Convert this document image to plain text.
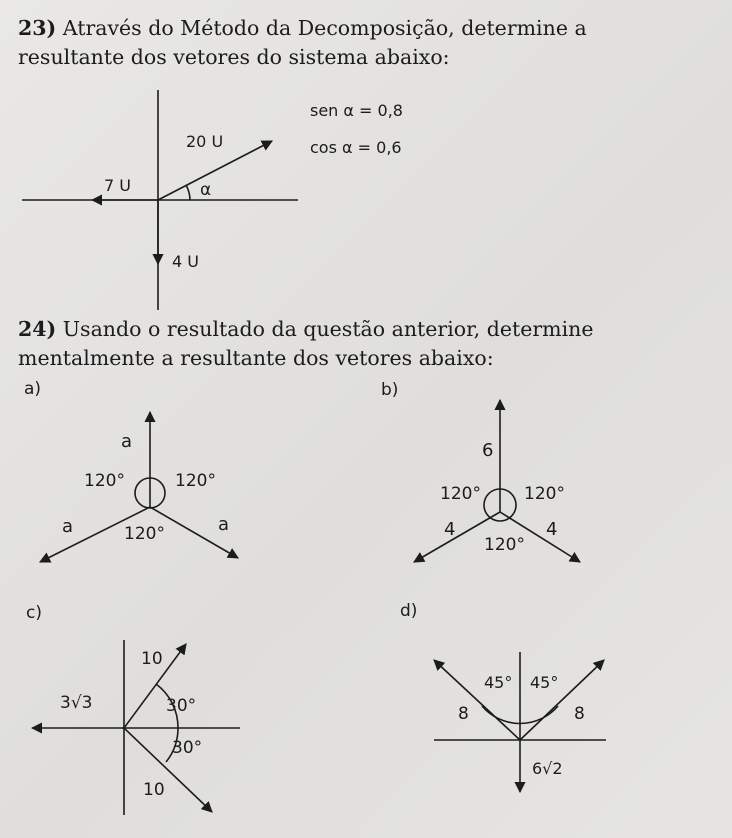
23) Através do Método da Decomposição, determine a
resultante dos vetores do sistema abaixo:
24) Usando o resultado da questão anterior, determine
mentalmente a resultante dos vetores abaixo:
20 U
7 U
4 U
α
sen α = 0,8
cos α = 0,6
a)
a
120°	120°
a	120°	a
b)
6
120°	120°
4
120°
4
c)
10
3√3	30°
30°
10
d)
45° 45°
8	8
6√2
